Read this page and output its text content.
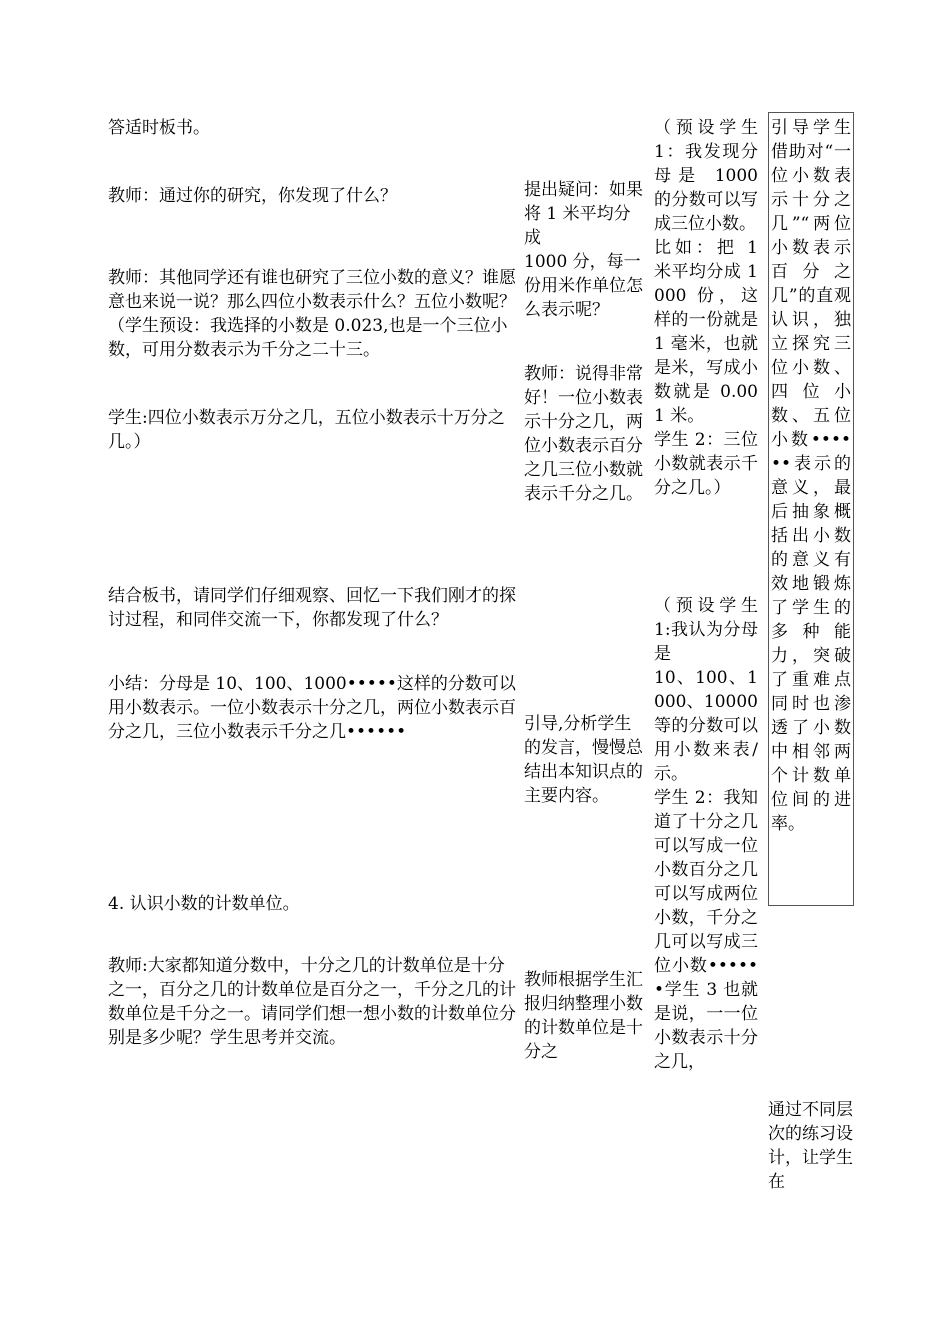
答适时板书。

教师：通过你的研究，你发现了什么？

教师：其他同学还有谁也研究了三位小数的意义？谁愿意也来说一说？那么四位小数表示什么？五位小数呢？

（学生预设：我选择的小数是 0.023,也是一个三位小数，可用分数表示为千分之二十三。

学生:四位小数表示万分之几，五位小数表示十万分之几。）

结合板书，请同学们仔细观察、回忆一下我们刚才的探讨过程，和同伴交流一下，你都发现了什么？

小结：分母是 10、100、1000•••••这样的分数可以用小数表示。一位小数表示十分之几，两位小数表示百分之几，三位小数表示千分之几••••••

4. 认识小数的计数单位。

教师:大家都知道分数中，十分之几的计数单位是十分之一，百分之几的计数单位是百分之一，千分之几的计数单位是千分之一。请同学们想一想小数的计数单位分别是多少呢？学生思考并交流。

提出疑问：如果将 1 米平均分成

1000 分，每一份用米作单位怎么表示呢？

教师：说得非常好！一位小数表示十分之几，两位小数表示百分之几三位小数就表示千分之几。

引导,分析学生的发言，慢慢总结出本知识点的主要内容。

教师根据学生汇报归纳整理小数的计数单位是十分之

（预设学生 1：我发现分母是 1000 的分数可以写成三位小数。

比如：把 1 米平均分成 1000 份，这样的一份就是 1 毫米，也就是米，写成小数就是 0.001 米。

学生 2：三位小数就表示千分之几。）

（预设学生 1:我认为分母是

10、100、1 000、10000 等的分数可以用小数来表/示。

学生 2：我知道了十分之几可以写成一位小数百分之几可以写成两位小数，千分之几可以写成三位小数••••••学生 3 也就是说，一一位小数表示十分之几，

引导学生借助对“一位小数表示十分之几”“两位小数表示百分之几”的直观认识，独立探究三位小数、四位小数、五位小数••••••表示的意义，最后抽象概括出小数的意义有效地锻炼了学生的多种能力，突破了重难点同时也渗透了小数中相邻两个计数单位间的进率。

通过不同层次的练习设计，让学生在
